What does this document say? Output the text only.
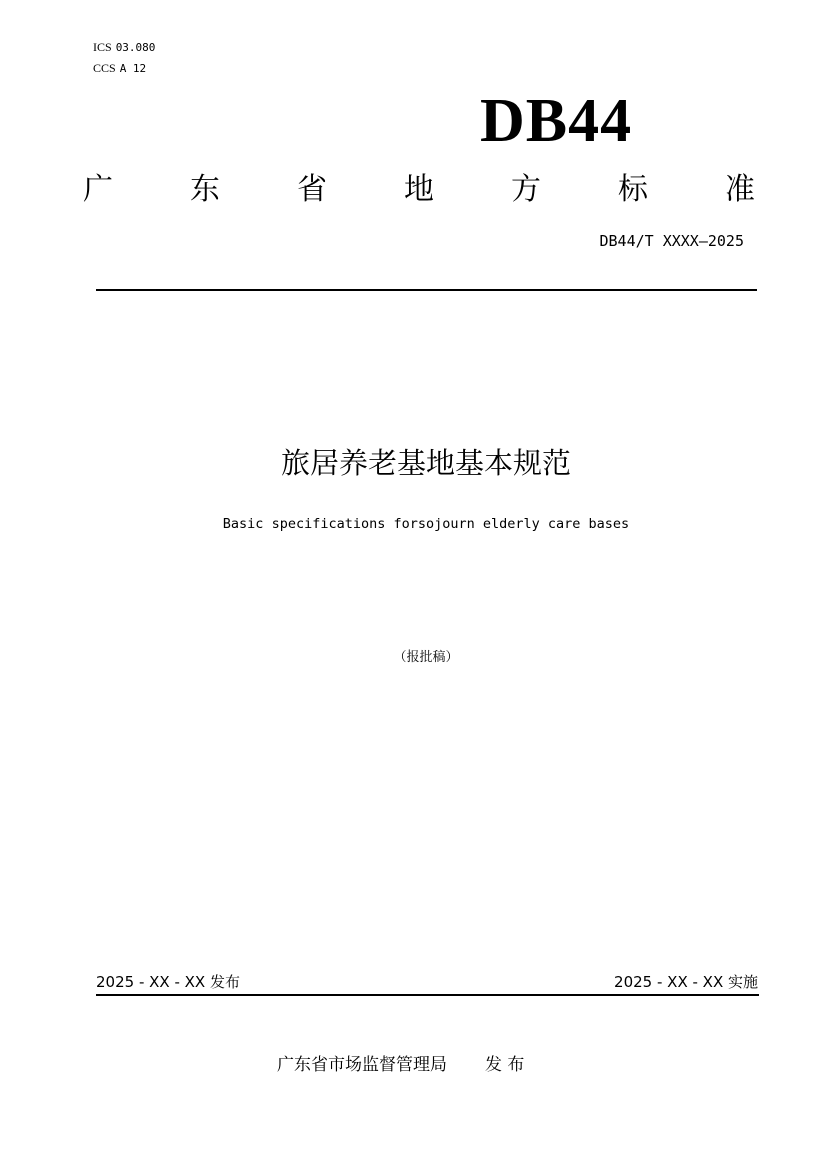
ICS 03.080
CCS A 12
DB44
广	东	省	地	方	标	准
DB44/T XXXX—2025
旅居养老基地基本规范
Basic specifications forsojourn elderly care bases
（报批稿）
2025 - XX - XX 发布	2025 - XX - XX 实施
广东省市场监督管理局 发 布
